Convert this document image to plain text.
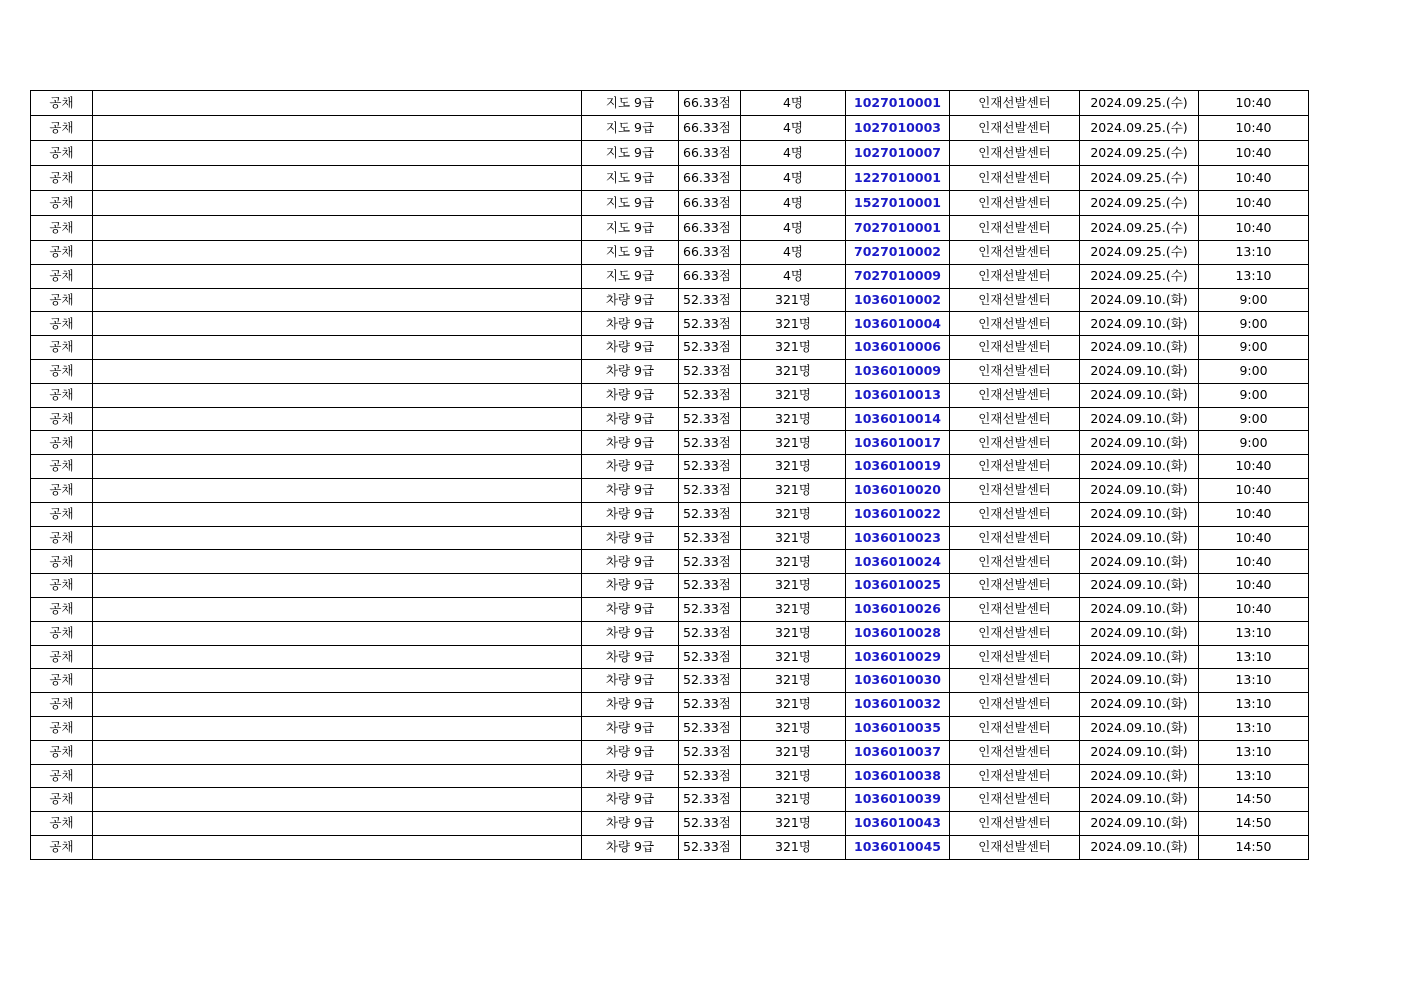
공채		지도 9급	66.33점	4명	1027010001	인재선발센터	2024.09.25.(수)	10:40
공채		지도 9급	66.33점	4명	1027010003	인재선발센터	2024.09.25.(수)	10:40
공채		지도 9급	66.33점	4명	1027010007	인재선발센터	2024.09.25.(수)	10:40
공채		지도 9급	66.33점	4명	1227010001	인재선발센터	2024.09.25.(수)	10:40
공채		지도 9급	66.33점	4명	1527010001	인재선발센터	2024.09.25.(수)	10:40
공채		지도 9급	66.33점	4명	7027010001	인재선발센터	2024.09.25.(수)	10:40
공채		지도 9급	66.33점	4명	7027010002	인재선발센터	2024.09.25.(수)	13:10
공채		지도 9급	66.33점	4명	7027010009	인재선발센터	2024.09.25.(수)	13:10
공채		차량 9급	52.33점	321명	1036010002	인재선발센터	2024.09.10.(화)	9:00
공채		차량 9급	52.33점	321명	1036010004	인재선발센터	2024.09.10.(화)	9:00
공채		차량 9급	52.33점	321명	1036010006	인재선발센터	2024.09.10.(화)	9:00
공채		차량 9급	52.33점	321명	1036010009	인재선발센터	2024.09.10.(화)	9:00
공채		차량 9급	52.33점	321명	1036010013	인재선발센터	2024.09.10.(화)	9:00
공채		차량 9급	52.33점	321명	1036010014	인재선발센터	2024.09.10.(화)	9:00
공채		차량 9급	52.33점	321명	1036010017	인재선발센터	2024.09.10.(화)	9:00
공채		차량 9급	52.33점	321명	1036010019	인재선발센터	2024.09.10.(화)	10:40
공채		차량 9급	52.33점	321명	1036010020	인재선발센터	2024.09.10.(화)	10:40
공채		차량 9급	52.33점	321명	1036010022	인재선발센터	2024.09.10.(화)	10:40
공채		차량 9급	52.33점	321명	1036010023	인재선발센터	2024.09.10.(화)	10:40
공채		차량 9급	52.33점	321명	1036010024	인재선발센터	2024.09.10.(화)	10:40
공채		차량 9급	52.33점	321명	1036010025	인재선발센터	2024.09.10.(화)	10:40
공채		차량 9급	52.33점	321명	1036010026	인재선발센터	2024.09.10.(화)	10:40
공채		차량 9급	52.33점	321명	1036010028	인재선발센터	2024.09.10.(화)	13:10
공채		차량 9급	52.33점	321명	1036010029	인재선발센터	2024.09.10.(화)	13:10
공채		차량 9급	52.33점	321명	1036010030	인재선발센터	2024.09.10.(화)	13:10
공채		차량 9급	52.33점	321명	1036010032	인재선발센터	2024.09.10.(화)	13:10
공채		차량 9급	52.33점	321명	1036010035	인재선발센터	2024.09.10.(화)	13:10
공채		차량 9급	52.33점	321명	1036010037	인재선발센터	2024.09.10.(화)	13:10
공채		차량 9급	52.33점	321명	1036010038	인재선발센터	2024.09.10.(화)	13:10
공채		차량 9급	52.33점	321명	1036010039	인재선발센터	2024.09.10.(화)	14:50
공채		차량 9급	52.33점	321명	1036010043	인재선발센터	2024.09.10.(화)	14:50
공채		차량 9급	52.33점	321명	1036010045	인재선발센터	2024.09.10.(화)	14:50
